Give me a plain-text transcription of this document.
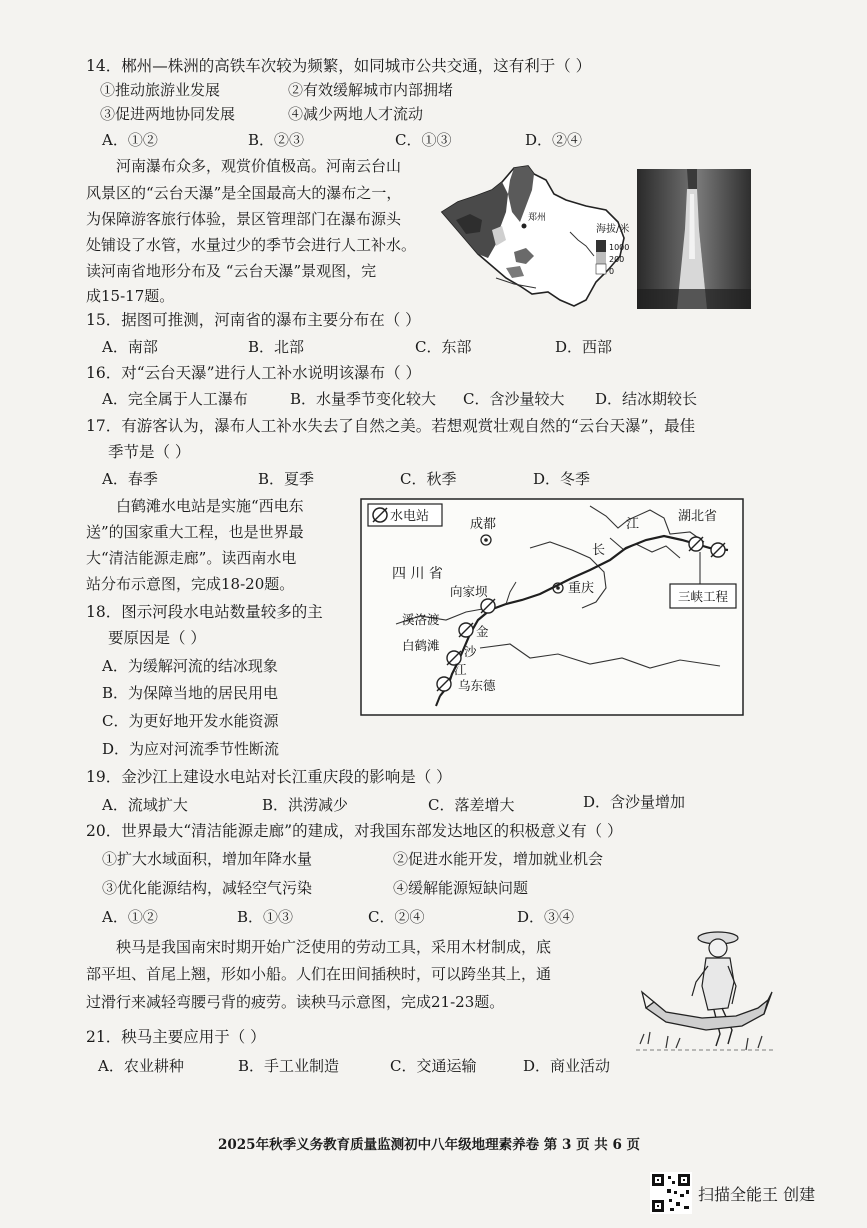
14．郴州—株洲的高铁车次较为频繁，如同城市公共交通，这有利于（ ）
①推动旅游业发展	②有效缓解城市内部拥堵
③促进两地协同发展	④减少两地人才流动
A．①②	B．②③	C．①③	D．②④
河南瀑布众多，观赏价值极高。河南云台山
风景区的“云台天瀑”是全国最高大的瀑布之一，
为保障游客旅行体验，景区管理部门在瀑布源头
处铺设了水管，水量过少的季节会进行人工补水。
读河南省地形分布及 “云台天瀑”景观图，完
成15-17题。
郑州
海拔/米
1000
200
0
15．据图可推测，河南省的瀑布主要分布在（ ）
A．南部	B．北部	C．东部	D．西部
16．对“云台天瀑”进行人工补水说明该瀑布（ ）
A．完全属于人工瀑布	B．水量季节变化较大 C．含沙量较大 D．结冰期较长
17．有游客认为，瀑布人工补水失去了自然之美。若想观赏壮观自然的“云台天瀑”，最佳
季节是（ ）
A．春季	B．夏季	C．秋季	D．冬季
白鹤滩水电站是实施“西电东
送”的国家重大工程，也是世界最
大“清洁能源走廊”。读西南水电
站分布示意图，完成18-20题。
18．图示河段水电站数量较多的主
要原因是（ ）
A．为缓解河流的结冰现象
B．为保障当地的居民用电
C．为更好地开发水能资源
D．为应对河流季节性断流
水电站
三峡工程
成都
四 川 省
湖北省
重庆
江
长
向家坝
溪洛渡
白鹤滩
乌东德
金
沙
江
19．金沙江上建设水电站对长江重庆段的影响是（ ）
A．流域扩大	B．洪涝减少	C．落差增大	D．含沙量增加
20．世界最大“清洁能源走廊”的建成，对我国东部发达地区的积极意义有（ ）
①扩大水域面积，增加年降水量	②促进水能开发，增加就业机会
③优化能源结构，减轻空气污染	④缓解能源短缺问题
A．①②	B．①③	C．②④	D．③④
秧马是我国南宋时期开始广泛使用的劳动工具，采用木材制成，底
部平坦、首尾上翘，形如小船。人们在田间插秧时，可以跨坐其上，通
过滑行来减轻弯腰弓背的疲劳。读秧马示意图，完成21-23题。
21．秧马主要应用于（ ）
A．农业耕种	B．手工业制造	C．交通运输	D．商业活动
2025年秋季义务教育质量监测初中八年级地理素养卷 第 3 页 共 6 页
扫描全能王 创建
